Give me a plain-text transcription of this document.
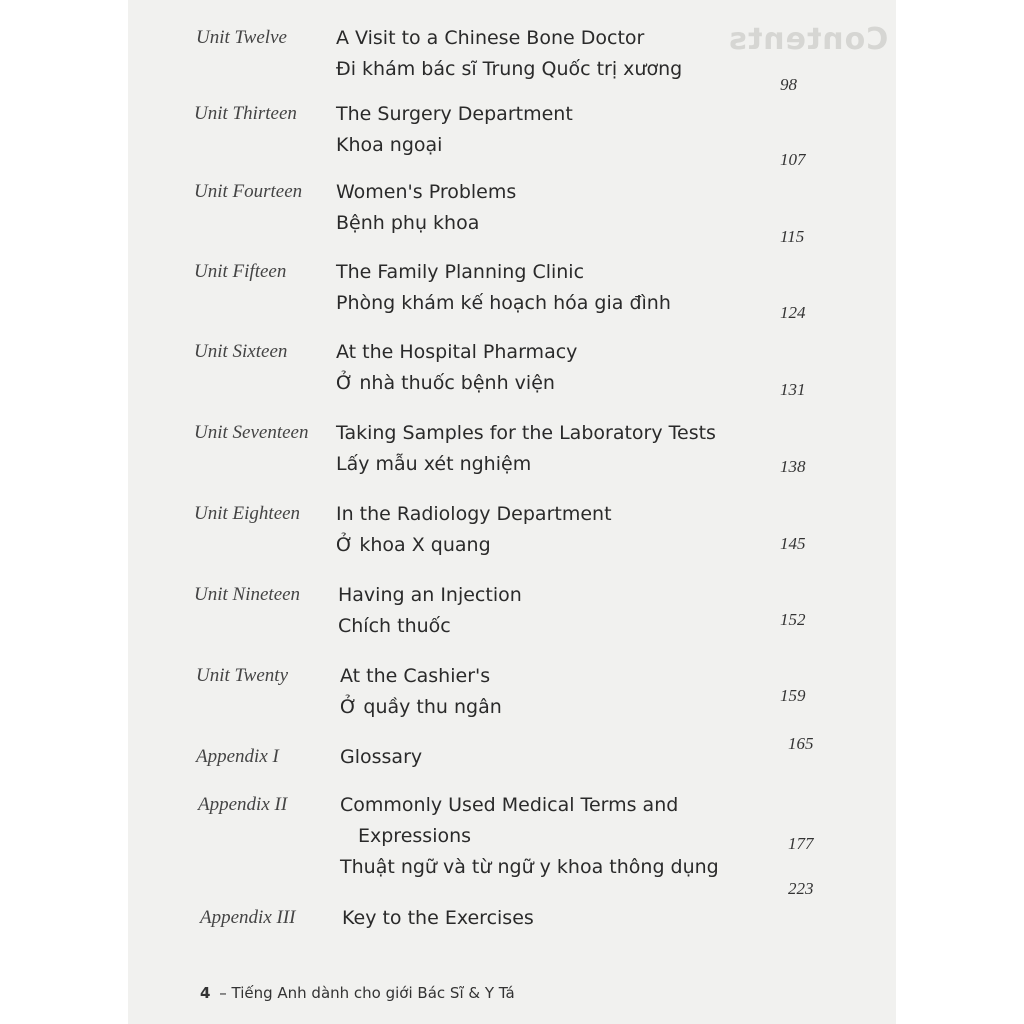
Contents
Unit Twelve	A Visit to a Chinese Bone Doctor
Đi khám bác sĩ Trung Quốc trị xương
98
Unit Thirteen The Surgery Department
Khoa ngoại
107
Unit Fourteen Women's Problems
Bệnh phụ khoa
115
Unit Fifteen	The Family Planning Clinic
Phòng khám kế hoạch hóa gia đình	124
Unit Sixteen	At the Hospital Pharmacy
Ở nhà thuốc bệnh viện	131
Unit Seventeen Taking Samples for the Laboratory Tests
Lấy mẫu xét nghiệm	138
Unit Eighteen In the Radiology Department
Ở khoa X quang	145
Unit Nineteen Having an Injection
Chích thuốc	152
Unit Twenty	At the Cashier's
Ở quầy thu ngân
159
Appendix I	Glossary
165
Appendix II	Commonly Used Medical Terms and
Expressions
Thuật ngữ và từ ngữ y khoa thông dụng
177
Appendix III Key to the Exercises
223
4 – Tiếng Anh dành cho giới Bác Sĩ & Y Tá
